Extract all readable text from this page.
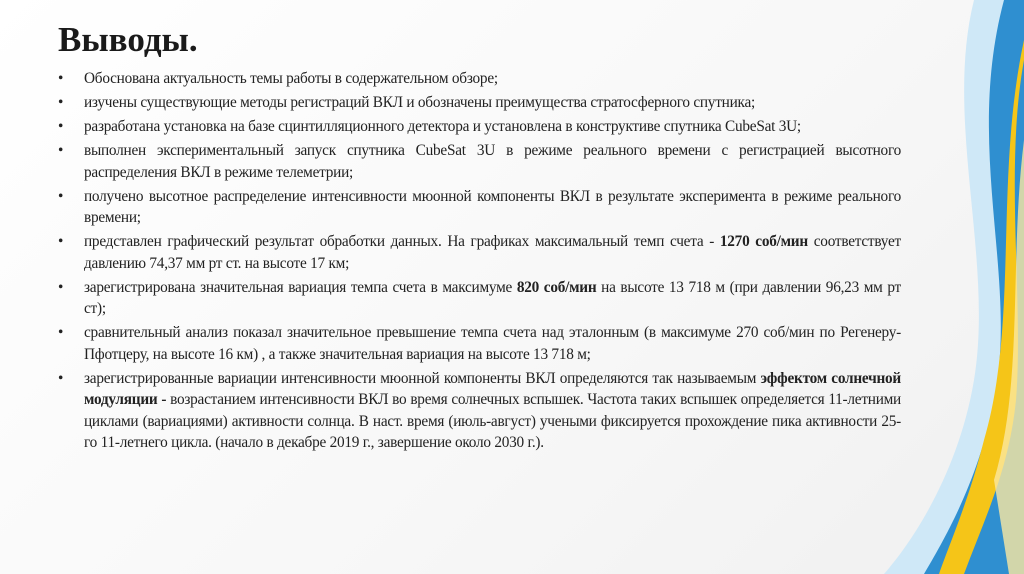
Выводы.
• Обоснована актуальность темы работы в содержательном обзоре;
• изучены существующие методы регистраций ВКЛ и обозначены преимущества стратосферного спутника;
• разработана установка на базе сцинтилляционного детектора и установлена в конструктиве спутника CubeSat 3U;
• выполнен экспериментальный запуск спутника CubeSat 3U в режиме реального времени с регистрацией высотного распределения ВКЛ в режиме телеметрии;
• получено высотное распределение интенсивности мюонной компоненты ВКЛ в результате эксперимента в режиме реального времени;
• представлен графический результат обработки данных. На графиках максимальный темп счета - 1270 соб/мин соответствует давлению 74,37 мм рт ст. на высоте 17 км;
• зарегистрирована значительная вариация темпа счета в максимуме 820 соб/мин на высоте 13 718 м (при давлении 96,23 мм рт ст);
• сравнительный анализ показал значительное превышение темпа счета над эталонным (в максимуме 270 соб/мин по Регенеру-Пфотцеру, на высоте 16 км) , а также значительная вариация на высоте 13 718 м;
• зарегистрированные вариации интенсивности мюонной компоненты ВКЛ определяются так называемым эффектом солнечной модуляции - возрастанием интенсивности ВКЛ во время солнечных вспышек. Частота таких вспышек определяется 11-летними циклами (вариациями) активности солнца. В наст. время (июль-август) учеными фиксируется прохождение пика активности 25-го 11-летнего цикла. (начало в декабре 2019 г., завершение около 2030 г.).
